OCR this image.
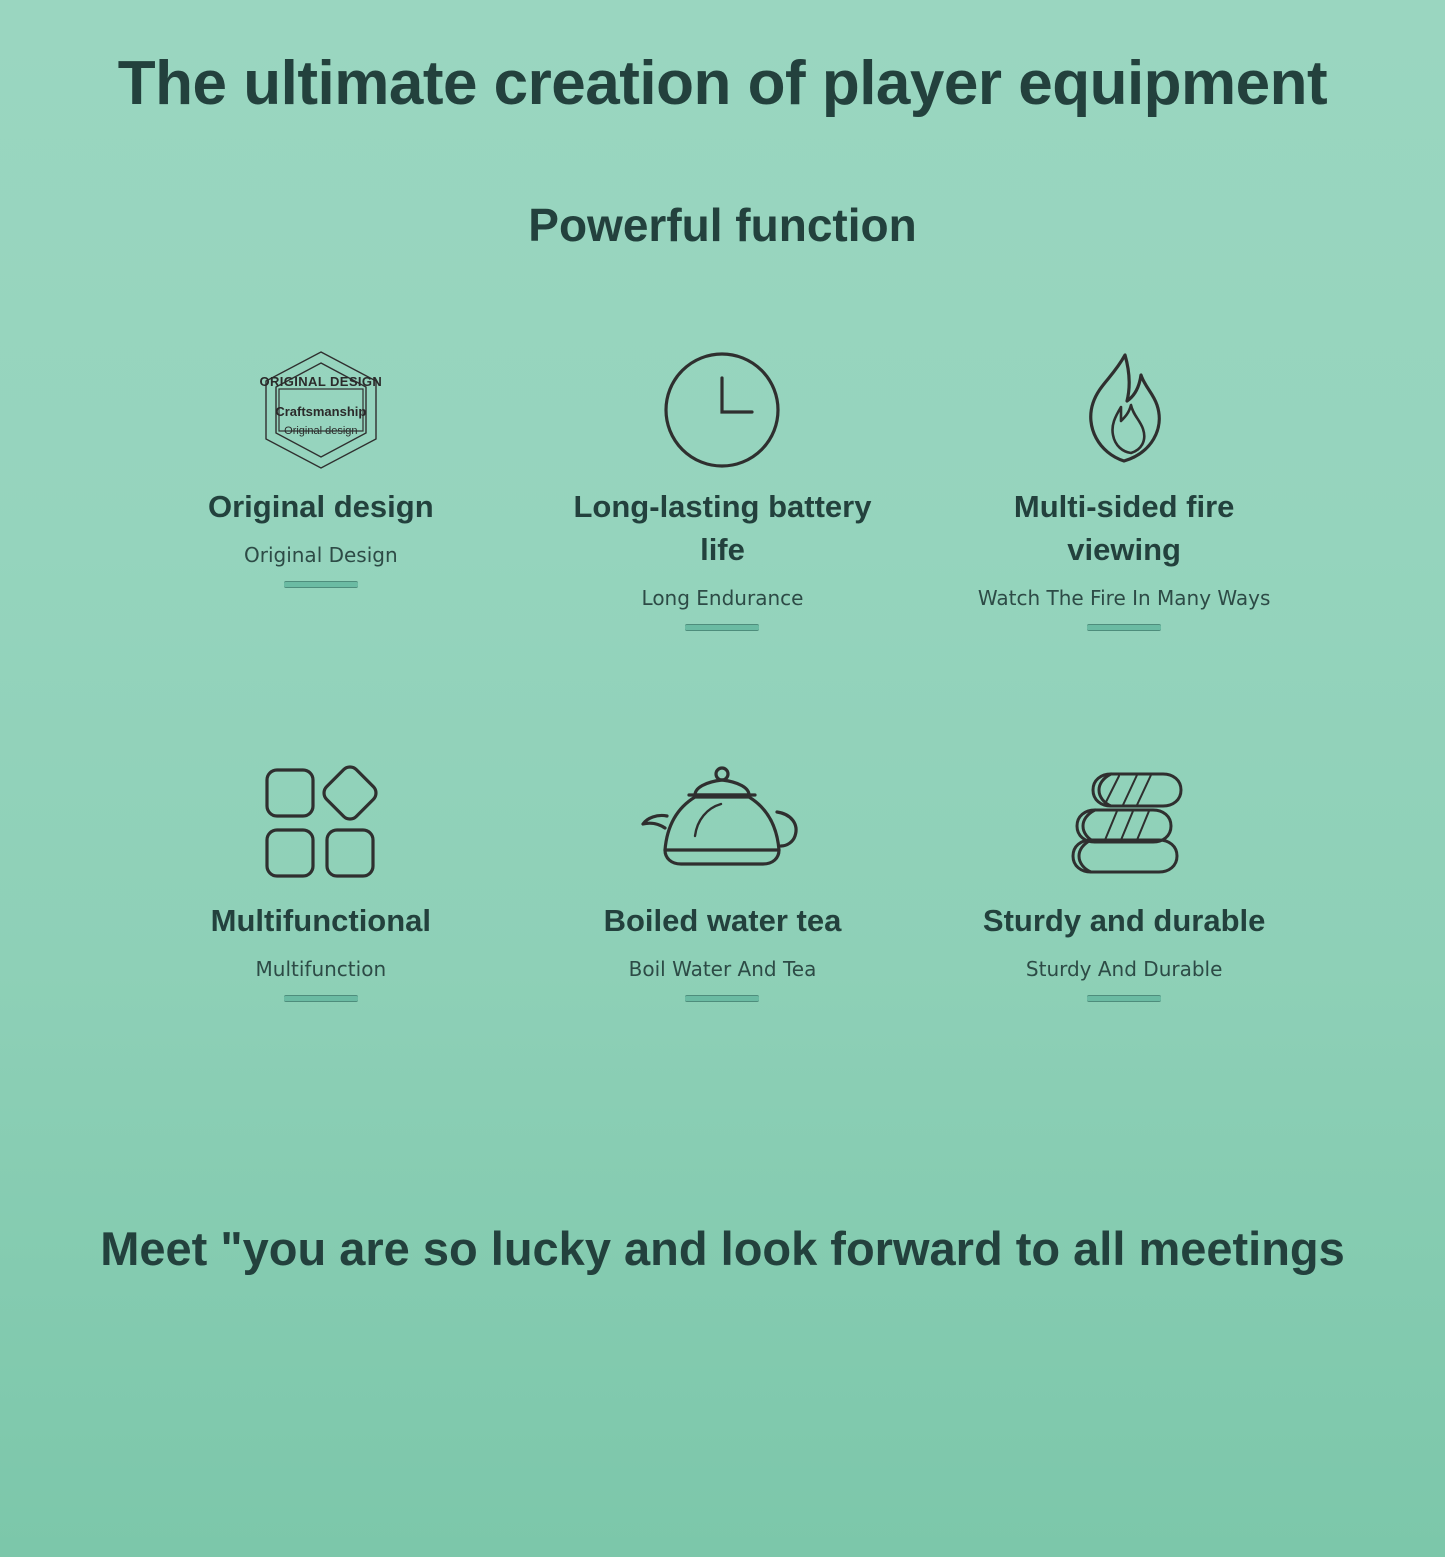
The ultimate creation of player equipment
Powerful function
ORIGINAL DESIGN
Craftsmanship
Original design
Original design
Original Design
Long-lasting battery life
Long Endurance
Multi-sided fire viewing
Watch The Fire In Many Ways
Multifunctional
Multifunction
Boiled water tea
Boil Water And Tea
Sturdy and durable
Sturdy And Durable
Meet "you are so lucky and look forward to all meetings
